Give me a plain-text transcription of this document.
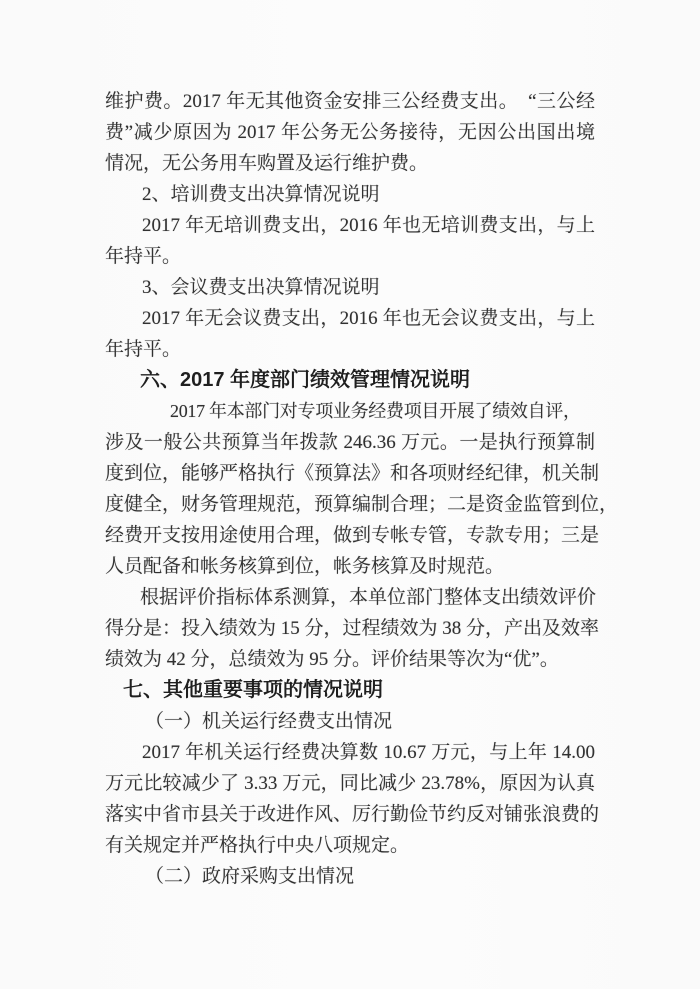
维护费。2017 年无其他资金安排三公经费支出。　“三公经
费”减少原因为 2017 年公务无公务接待，无因公出国出境
情况，无公务用车购置及运行维护费。
2、培训费支出决算情况说明
2017 年无培训费支出，2016 年也无培训费支出，与上
年持平。
3、会议费支出决算情况说明
2017 年无会议费支出，2016 年也无会议费支出，与上
年持平。
六、2017 年度部门绩效管理情况说明
2017 年本部门对专项业务经费项目开展了绩效自评，
涉及一般公共预算当年拨款 246.36 万元。一是执行预算制
度到位，能够严格执行《预算法》和各项财经纪律，机关制
度健全，财务管理规范，预算编制合理；二是资金监管到位，
经费开支按用途使用合理，做到专帐专管，专款专用；三是
人员配备和帐务核算到位，帐务核算及时规范。
根据评价指标体系测算，本单位部门整体支出绩效评价
得分是：投入绩效为 15 分，过程绩效为 38 分，产出及效率
绩效为 42 分，总绩效为 95 分。评价结果等次为“优”。
七、其他重要事项的情况说明
（一）机关运行经费支出情况
2017 年机关运行经费决算数 10.67 万元，与上年 14.00
万元比较减少了 3.33 万元，同比减少 23.78%，原因为认真
落实中省市县关于改进作风、厉行勤俭节约反对铺张浪费的
有关规定并严格执行中央八项规定。
（二）政府采购支出情况
